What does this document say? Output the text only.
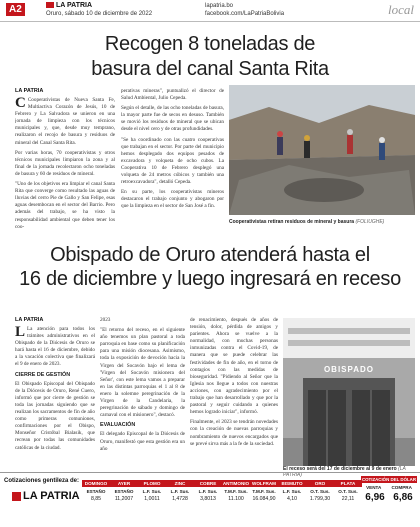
A2	LA PATRIA
Oruro, sábado 10 de diciembre de 2022
lapatria.bo
facebook.com/LaPatriaBolivia	local
Recogen 8 toneladas de
basura del canal Santa Rita
LA PATRIA

C Cooperativistas de Nueva Santa Fe, Multiactiva Corazón de Jesús, 10 de Febrero y La Salvadora se unieron en una jornada de limpieza con los técnicos municipales y, que, desde muy temprano, realizaron el recojo de basura y residuos de mineral del Canal Santa Rita.

Por varias horas, 70 cooperativistas y otros técnicos municipales limpiaron la zona y al final de la jornada recolectaron ocho toneladas de basura y 60 de residuos de mineral.

"Uno de los objetivos era limpiar el canal Santa Rita que converge como resultado las aguas de lluvias del cerro Pie de Gallo y San Felipe, esas aguas desembocan en el sector del Barrio. Pero además del trabajo, se ha visto la responsabilidad ambiental que deben tener los coo-

perativas mineras", puntualizó el director de Salud Ambiental, Julio Cepeda.

Según el detalle, de las ocho toneladas de basura, la mayor parte fue de secos en desuso. También se movió los residuos de mineral que se ubican desde el nivel cero y de otras profundidades.

"Se ha coordinado con las cuatro cooperativas que trabajan en el sector. Por parte del municipio hemos desplegado dos equipos pesados de excavadora y volqueta de ocho cubos. La Cooperativa 10 de Febrero desplegó una volqueta de 24 metros cúbicos y también una retroexcavadora", detalló Cepeda.

En su parte, los cooperativistas mineros destacaron el trabajo conjunto y abogaron por que la limpieza en el sector de San José a fin.

Cooperativistas retiran residuos de mineral y basura (FOLIUGHE)
Obispado de Oruro atenderá hasta el
16 de diciembre y luego ingresará en receso
LA PATRIA

L La atención para todos los trámites administrativos en el Obispado de la Diócesis de Oruro se hará hasta el 16 de diciembre, debido a la vacación colectiva que finalizará el 9 de enero de 2023.

CIERRE DE GESTIÓN

El Obispado Episcopal del Obispado de la Diócesis de Oruro, René Cuero, informó que por cierre de gestión se toda las jornadas siguiendo que se realizan los sacramentos de fin de año como primeras comuniones, confirmaciones por el Obispo, Monseñor Cristóbal Bialasik, que recrean por todas las comunidades católicas de la ciudad.

2023

"El retorno del receso, en el siguiente año tenemos un plan pastoral a toda parroquia en base como su planificación para una misión diocesana. Asimismo, toda la exposición de devoción hacia la Virgen del Socavón bajo el lema de 'Virgen del Socavón misionera del Señor', con este lema vamos a preparar en las distintas parroquias el 1 al 8 de enero la solemne peregrinación de la Virgen de la Candelaria, la peregrinación de sábado y domingo de carnaval con el misionero", destacó.

EVALUACIÓN

El delegado Episcopal de la Diócesis de Oruro, manifestó que esta gestión era un año

de renacimiento, después de años de tensión, dolor, pérdida de amigos y parientes. Ahora se vuelve a la normalidad, con muchas personas inmunizadas contra el Covid-19, de manera que se puede celebrar las festividades de fin de año, en el torno de contagios con las medidas de bioseguridad. "Pidiendo al Señor que la Iglesia nos llegue a todos con nuestras acciones, con agradecimiento por el trabajo que han desarrollado y que por la pastoral y seguir cuidando a quienes hemos logrado iniciar", informó.

Finalmente, el 2023 se tendrán novedades con la creación de nuevas parroquias y nombramiento de nuevos encargados que se prevé sirva más a la fe de la sociedad.

OBISPADO
El receso será del 17 de diciembre al 9 de enero (LA PATRIA)
Cotizaciones gentileza de:
LA PATRIA
DOMINGO
ESTAÑO
8,85
AYER
ESTAÑO
11,2007
PLOMO
L.F. Sus.
1,0011
ZINC
L.F. Sus.
1,4728
COBRE
L.F. Sus.
3,8013
ANTIMONIO
T.M.F. Sus.
11.100
WOLFRAM
T.M.F. Sus.
16.084,90
BISMUTO
L.F. Sus.
4,10
ORO
O.T. Sus.
1.799,30
PLATA
O.T. Sus.
22,11
COTIZACIÓN DEL DÓLAR
VENTA COMPRA
6,96 6,86
